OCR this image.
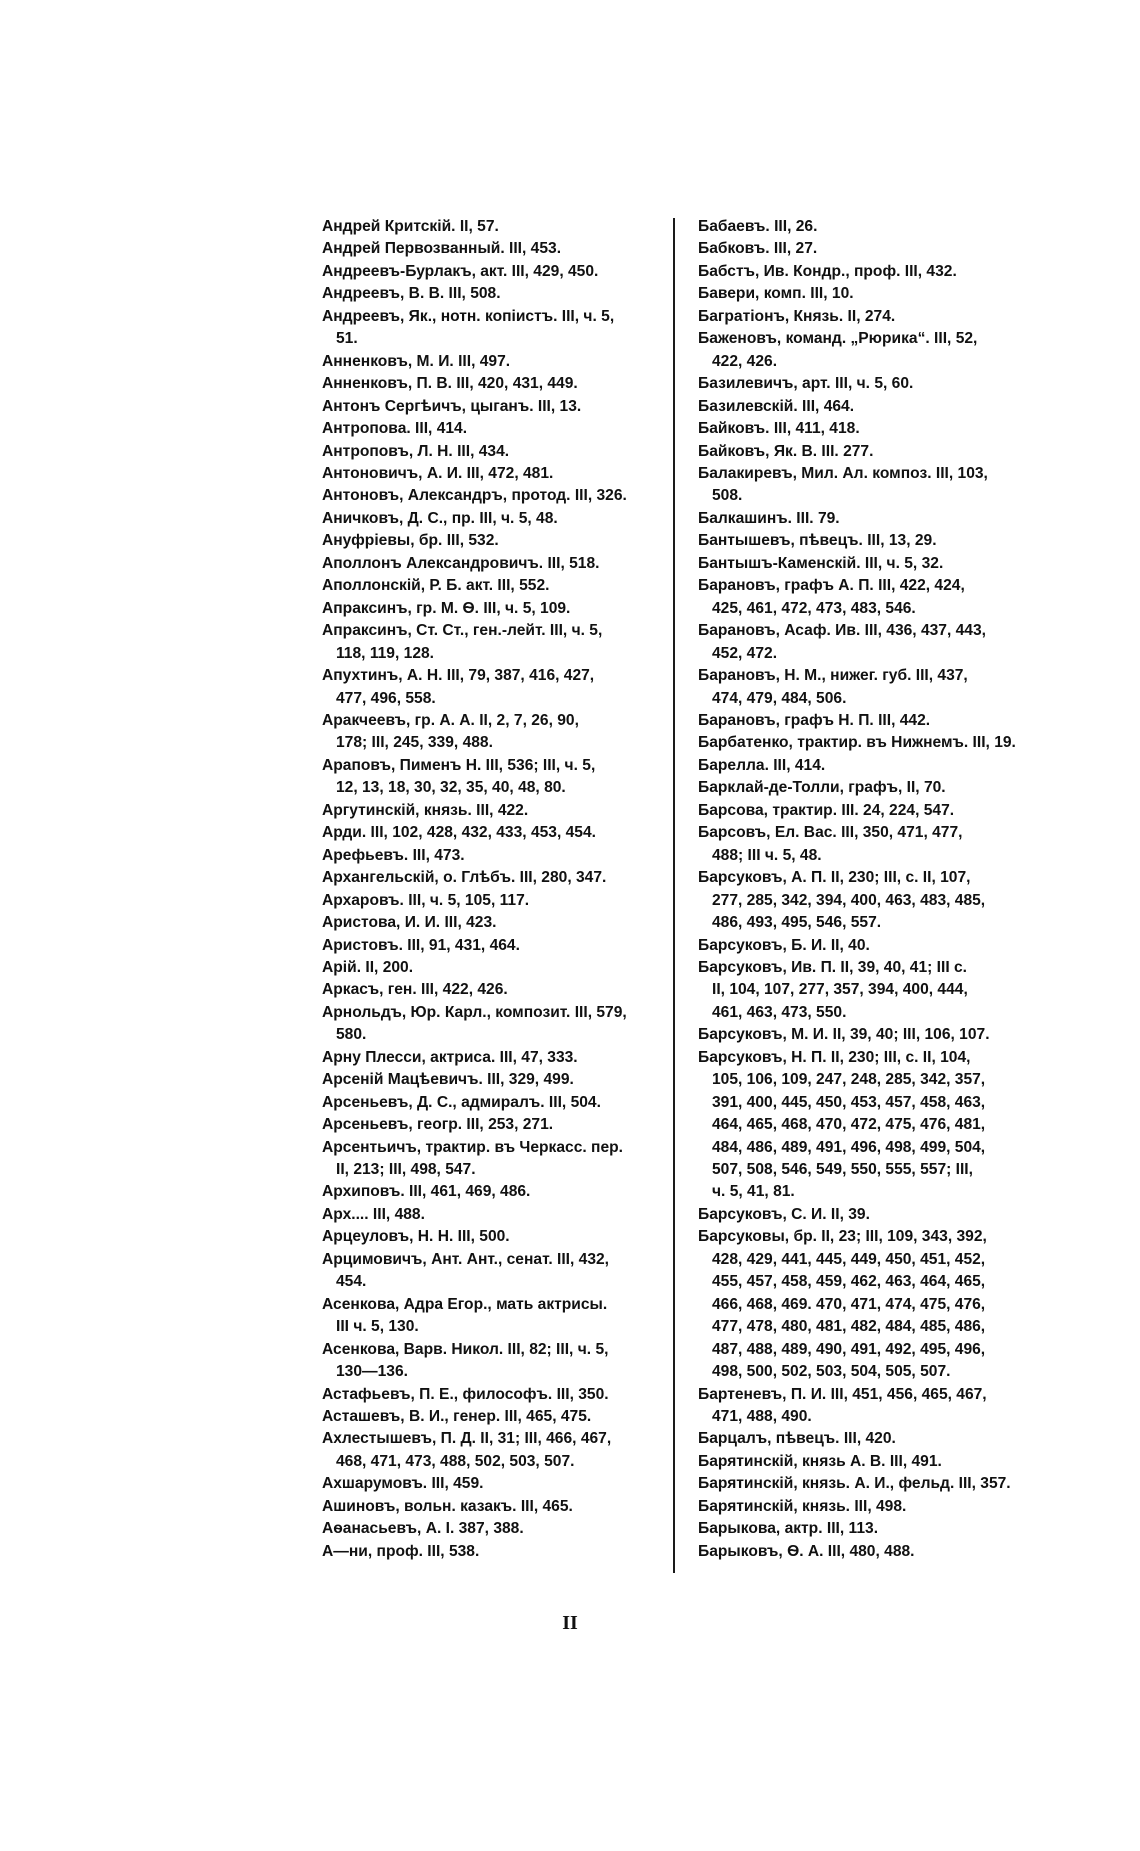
Андрей Критскій. II, 57.
Андрей Первозванный. III, 453.
Андреевъ-Бурлакъ, акт. III, 429, 450.
Андреевъ, В. В. III, 508.
Андреевъ, Як., нотн. копіистъ. III, ч. 5,
51.
Анненковъ, М. И. III, 497.
Анненковъ, П. В. III, 420, 431, 449.
Антонъ Сергѣичъ, цыганъ. III, 13.
Антропова. III, 414.
Антроповъ, Л. Н. III, 434.
Антоновичъ, А. И. III, 472, 481.
Антоновъ, Александръ, протод. III, 326.
Аничковъ, Д. С., пр. III, ч. 5, 48.
Ануфріевы, бр. III, 532.
Аполлонъ Александровичъ. III, 518.
Аполлонскій, Р. Б. акт. III, 552.
Апраксинъ, гр. М. Ѳ. III, ч. 5, 109.
Апраксинъ, Ст. Ст., ген.-лейт. III, ч. 5,
118, 119, 128.
Апухтинъ, А. Н. III, 79, 387, 416, 427,
477, 496, 558.
Аракчеевъ, гр. А. А. II, 2, 7, 26, 90,
178; III, 245, 339, 488.
Араповъ, Пименъ Н. III, 536; III, ч. 5,
12, 13, 18, 30, 32, 35, 40, 48, 80.
Аргутинскій, князь. III, 422.
Арди. III, 102, 428, 432, 433, 453, 454.
Арефьевъ. III, 473.
Архангельскій, о. Глѣбъ. III, 280, 347.
Архаровъ. III, ч. 5, 105, 117.
Аристова, И. И. III, 423.
Аристовъ. III, 91, 431, 464.
Арій. II, 200.
Аркасъ, ген. III, 422, 426.
Арнольдъ, Юр. Карл., композит. III, 579,
580.
Арну Плесси, актриса. III, 47, 333.
Арсеній Мацѣевичъ. III, 329, 499.
Арсеньевъ, Д. С., адмиралъ. III, 504.
Арсеньевъ, геогр. III, 253, 271.
Арсентьичъ, трактир. въ Черкасс. пер.
II, 213; III, 498, 547.
Архиповъ. III, 461, 469, 486.
Арх.... III, 488.
Арцеуловъ, Н. Н. III, 500.
Арцимовичъ, Ант. Ант., сенат. III, 432,
454.
Асенкова, Адра Егор., мать актрисы.
III ч. 5, 130.
Асенкова, Варв. Никол. III, 82; III, ч. 5,
130—136.
Астафьевъ, П. Е., философъ. III, 350.
Асташевъ, В. И., генер. III, 465, 475.
Ахлестышевъ, П. Д. II, 31; III, 466, 467,
468, 471, 473, 488, 502, 503, 507.
Ахшарумовъ. III, 459.
Ашиновъ, вольн. казакъ. III, 465.
Аѳанасьевъ, А. I. 387, 388.
А—ни, проф. III, 538.
Бабаевъ. III, 26.
Бабковъ. III, 27.
Бабстъ, Ив. Кондр., проф. III, 432.
Бавери, комп. III, 10.
Багратіонъ, Князь. II, 274.
Баженовъ, команд. „Рюрика“. III, 52,
422, 426.
Базилевичъ, арт. III, ч. 5, 60.
Базилевскій. III, 464.
Байковъ. III, 411, 418.
Байковъ, Як. В. III. 277.
Балакиревъ, Мил. Ал. композ. III, 103,
508.
Балкашинъ. III. 79.
Бантышевъ, пѣвецъ. III, 13, 29.
Бантышъ-Каменскій. III, ч. 5, 32.
Барановъ, графъ А. П. III, 422, 424,
425, 461, 472, 473, 483, 546.
Барановъ, Асаф. Ив. III, 436, 437, 443,
452, 472.
Барановъ, Н. М., нижег. губ. III, 437,
474, 479, 484, 506.
Барановъ, графъ Н. П. III, 442.
Барбатенко, трактир. въ Нижнемъ. III, 19.
Барелла. III, 414.
Барклай-де-Толли, графъ, II, 70.
Барсова, трактир. III. 24, 224, 547.
Барсовъ, Ел. Вас. III, 350, 471, 477,
488; III ч. 5, 48.
Барсуковъ, А. П. II, 230; III, с. II, 107,
277, 285, 342, 394, 400, 463, 483, 485,
486, 493, 495, 546, 557.
Барсуковъ, Б. И. II, 40.
Барсуковъ, Ив. П. II, 39, 40, 41; III с.
II, 104, 107, 277, 357, 394, 400, 444,
461, 463, 473, 550.
Барсуковъ, М. И. II, 39, 40; III, 106, 107.
Барсуковъ, Н. П. II, 230; III, с. II, 104,
105, 106, 109, 247, 248, 285, 342, 357,
391, 400, 445, 450, 453, 457, 458, 463,
464, 465, 468, 470, 472, 475, 476, 481,
484, 486, 489, 491, 496, 498, 499, 504,
507, 508, 546, 549, 550, 555, 557; III,
ч. 5, 41, 81.
Барсуковъ, С. И. II, 39.
Барсуковы, бр. II, 23; III, 109, 343, 392,
428, 429, 441, 445, 449, 450, 451, 452,
455, 457, 458, 459, 462, 463, 464, 465,
466, 468, 469. 470, 471, 474, 475, 476,
477, 478, 480, 481, 482, 484, 485, 486,
487, 488, 489, 490, 491, 492, 495, 496,
498, 500, 502, 503, 504, 505, 507.
Бартеневъ, П. И. III, 451, 456, 465, 467,
471, 488, 490.
Барцалъ, пѣвецъ. III, 420.
Барятинскій, князь А. В. III, 491.
Барятинскій, князь. А. И., фельд. III, 357.
Барятинскій, князь. III, 498.
Барыкова, актр. III, 113.
Барыковъ, Ѳ. А. III, 480, 488.
II
